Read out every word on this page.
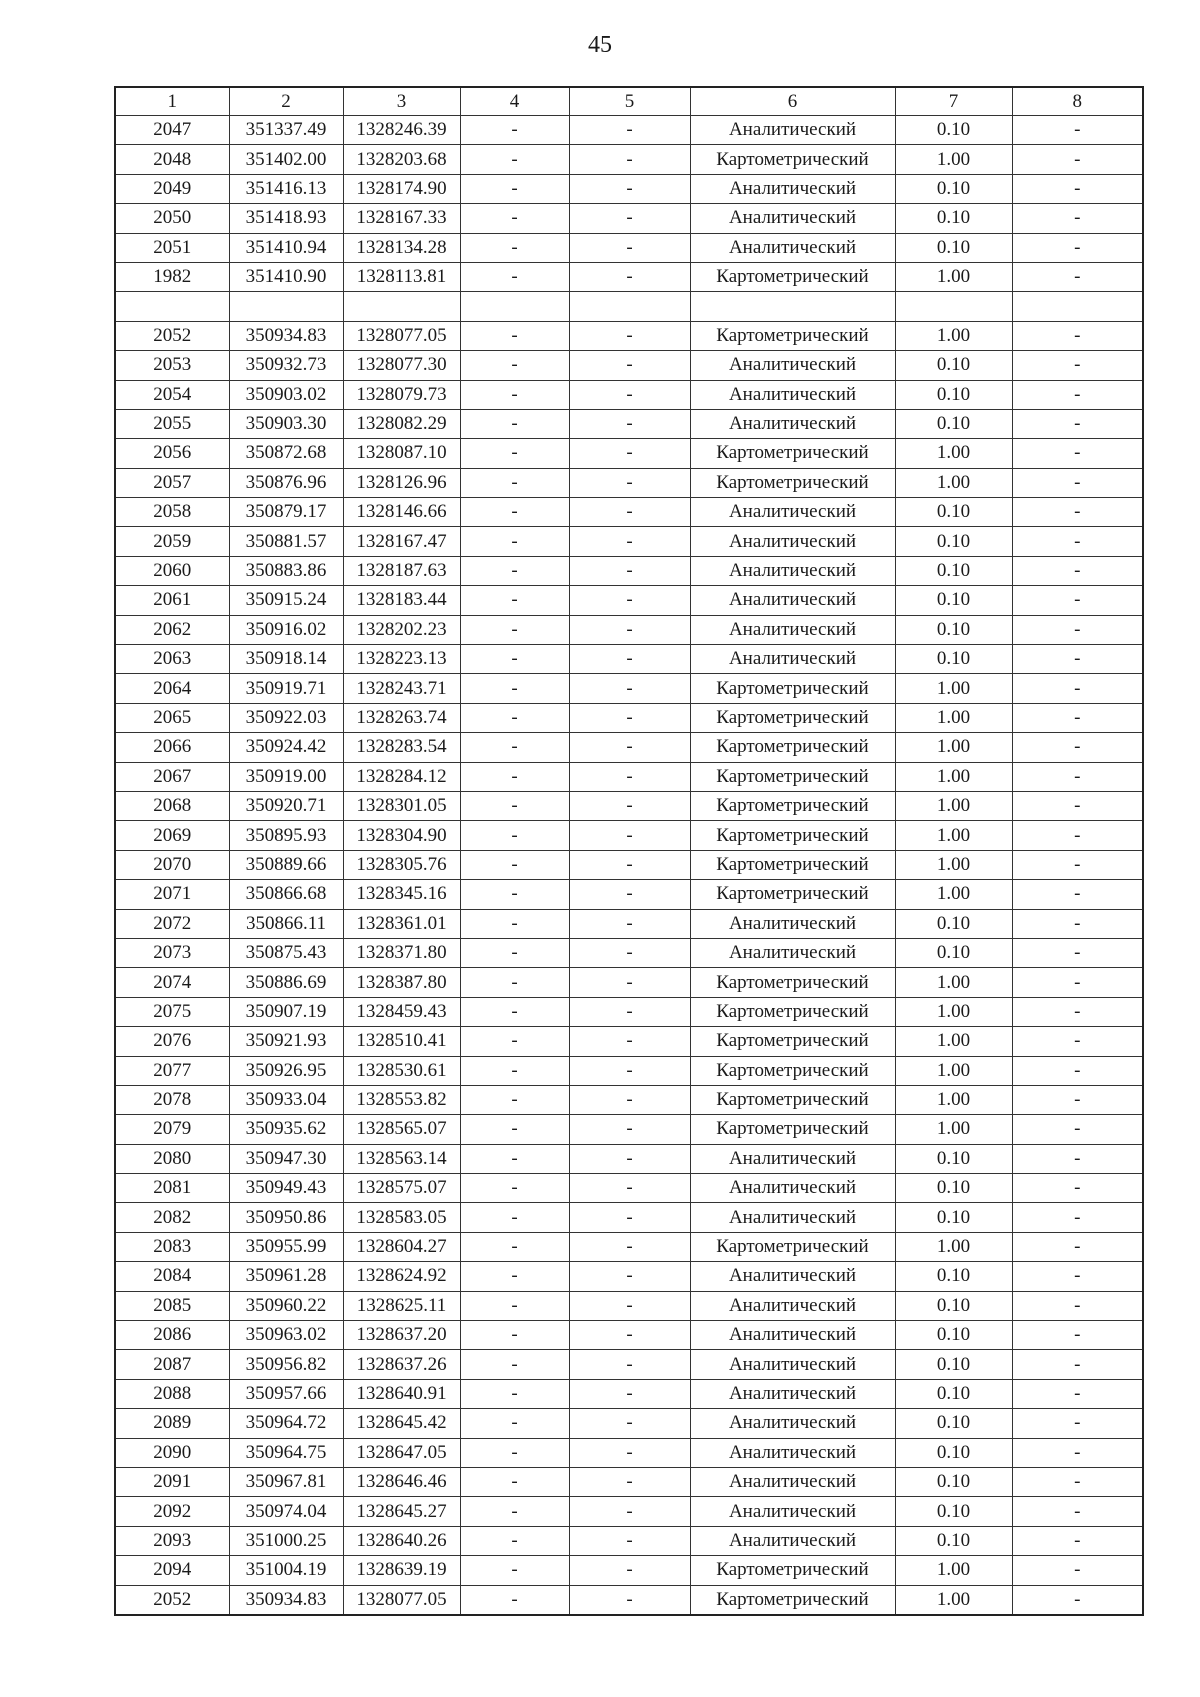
45
1	2	3	4	5	6	7	8
2047	351337.49	1328246.39	-	-	Аналитический	0.10	-
2048	351402.00	1328203.68	-	-	Картометрический	1.00	-
2049	351416.13	1328174.90	-	-	Аналитический	0.10	-
2050	351418.93	1328167.33	-	-	Аналитический	0.10	-
2051	351410.94	1328134.28	-	-	Аналитический	0.10	-
1982	351410.90	1328113.81	-	-	Картометрический	1.00	-

2052	350934.83	1328077.05	-	-	Картометрический	1.00	-
2053	350932.73	1328077.30	-	-	Аналитический	0.10	-
2054	350903.02	1328079.73	-	-	Аналитический	0.10	-
2055	350903.30	1328082.29	-	-	Аналитический	0.10	-
2056	350872.68	1328087.10	-	-	Картометрический	1.00	-
2057	350876.96	1328126.96	-	-	Картометрический	1.00	-
2058	350879.17	1328146.66	-	-	Аналитический	0.10	-
2059	350881.57	1328167.47	-	-	Аналитический	0.10	-
2060	350883.86	1328187.63	-	-	Аналитический	0.10	-
2061	350915.24	1328183.44	-	-	Аналитический	0.10	-
2062	350916.02	1328202.23	-	-	Аналитический	0.10	-
2063	350918.14	1328223.13	-	-	Аналитический	0.10	-
2064	350919.71	1328243.71	-	-	Картометрический	1.00	-
2065	350922.03	1328263.74	-	-	Картометрический	1.00	-
2066	350924.42	1328283.54	-	-	Картометрический	1.00	-
2067	350919.00	1328284.12	-	-	Картометрический	1.00	-
2068	350920.71	1328301.05	-	-	Картометрический	1.00	-
2069	350895.93	1328304.90	-	-	Картометрический	1.00	-
2070	350889.66	1328305.76	-	-	Картометрический	1.00	-
2071	350866.68	1328345.16	-	-	Картометрический	1.00	-
2072	350866.11	1328361.01	-	-	Аналитический	0.10	-
2073	350875.43	1328371.80	-	-	Аналитический	0.10	-
2074	350886.69	1328387.80	-	-	Картометрический	1.00	-
2075	350907.19	1328459.43	-	-	Картометрический	1.00	-
2076	350921.93	1328510.41	-	-	Картометрический	1.00	-
2077	350926.95	1328530.61	-	-	Картометрический	1.00	-
2078	350933.04	1328553.82	-	-	Картометрический	1.00	-
2079	350935.62	1328565.07	-	-	Картометрический	1.00	-
2080	350947.30	1328563.14	-	-	Аналитический	0.10	-
2081	350949.43	1328575.07	-	-	Аналитический	0.10	-
2082	350950.86	1328583.05	-	-	Аналитический	0.10	-
2083	350955.99	1328604.27	-	-	Картометрический	1.00	-
2084	350961.28	1328624.92	-	-	Аналитический	0.10	-
2085	350960.22	1328625.11	-	-	Аналитический	0.10	-
2086	350963.02	1328637.20	-	-	Аналитический	0.10	-
2087	350956.82	1328637.26	-	-	Аналитический	0.10	-
2088	350957.66	1328640.91	-	-	Аналитический	0.10	-
2089	350964.72	1328645.42	-	-	Аналитический	0.10	-
2090	350964.75	1328647.05	-	-	Аналитический	0.10	-
2091	350967.81	1328646.46	-	-	Аналитический	0.10	-
2092	350974.04	1328645.27	-	-	Аналитический	0.10	-
2093	351000.25	1328640.26	-	-	Аналитический	0.10	-
2094	351004.19	1328639.19	-	-	Картометрический	1.00	-
2052	350934.83	1328077.05	-	-	Картометрический	1.00	-
